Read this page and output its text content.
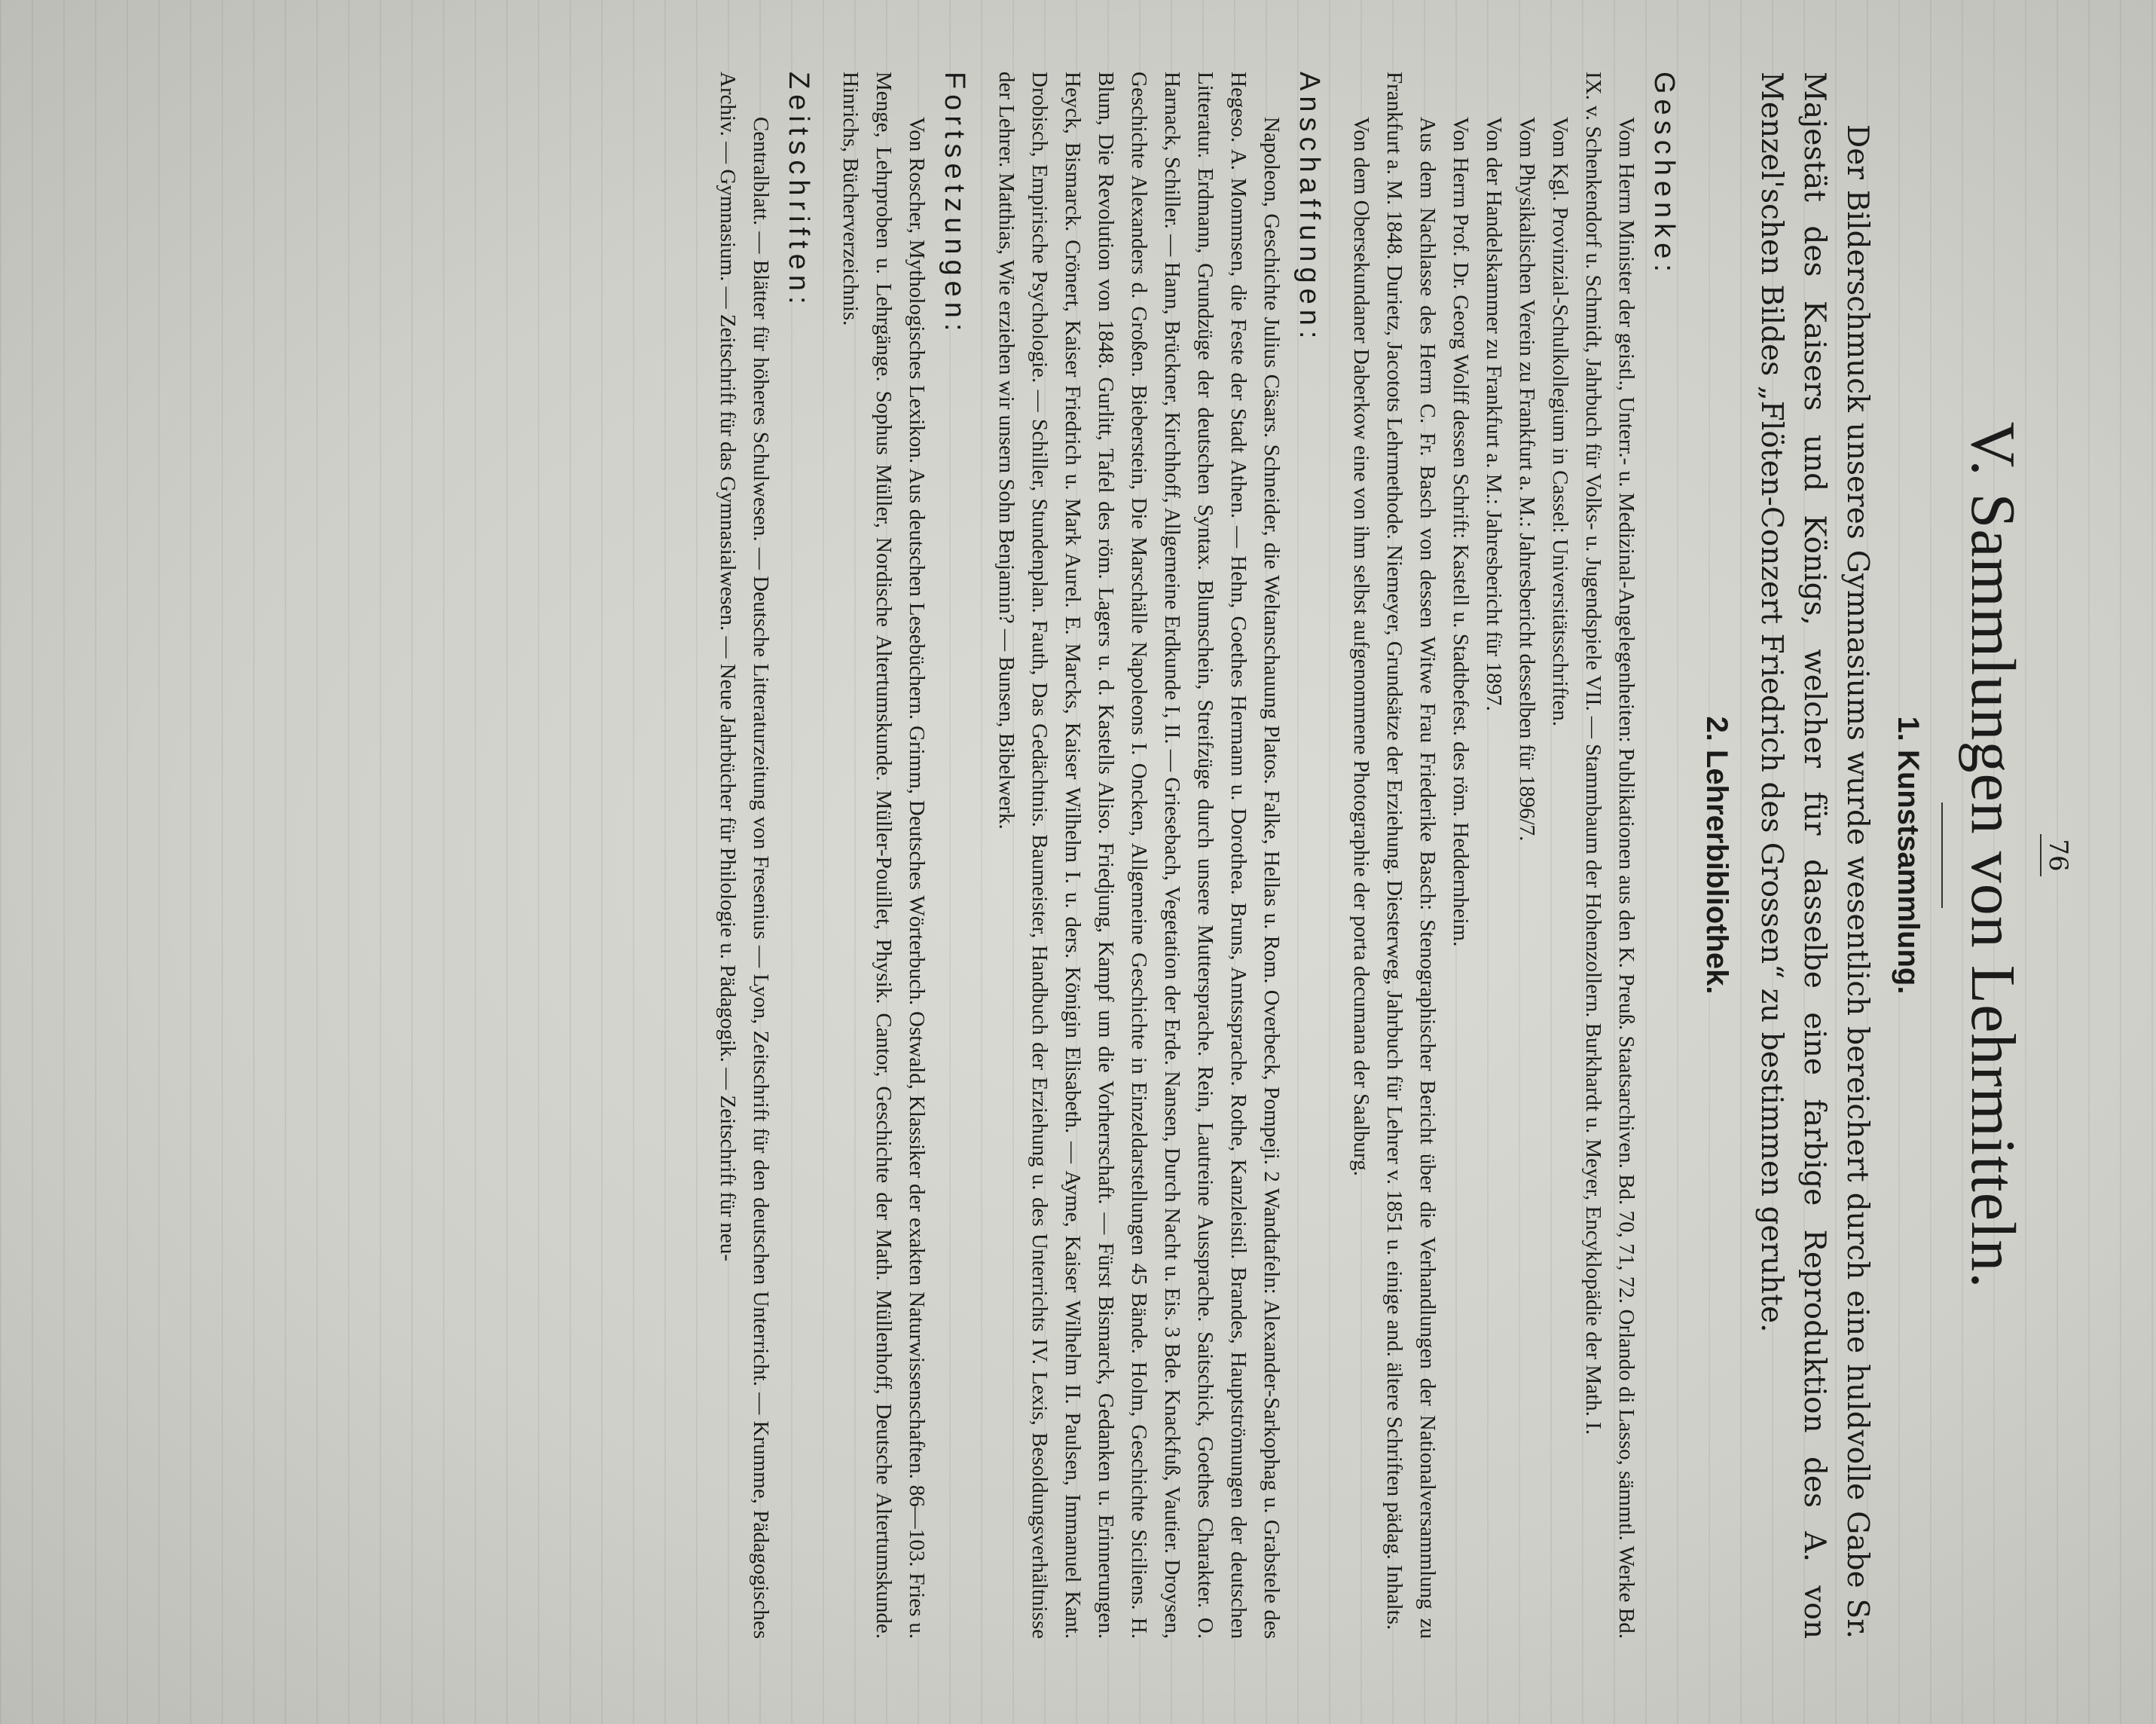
76
V. Sammlungen von Lehrmitteln.
1. Kunstsammlung.

Der Bilderschmuck unseres Gymnasiums wurde wesentlich bereichert durch eine huldvolle Gabe Sr. Majestät des Kaisers und Königs, welcher für dasselbe eine farbige Reproduktion des A. von Menzel'schen Bildes „Flöten-Conzert Friedrich des Grossen“ zu bestimmen geruhte.

2. Lehrerbibliothek.
Geschenke:

Vom Herrn Minister der geistl., Unterr.- u. Medizinal-Angelegenheiten: Publikationen aus den K. Preuß. Staatsarchiven. Bd. 70, 71, 72. Orlando di Lasso, sämmtl. Werke Bd. IX. v. Schenkendorf u. Schmidt, Jahrbuch für Volks- u. Jugendspiele VII. — Stammbaum der Hohenzollern. Burkhardt u. Meyer, Encyklopädie der Math. I.

Vom Kgl. Provinzial-Schulkollegium in Cassel: Universitätsschriften.

Vom Physikalischen Verein zu Frankfurt a. M.: Jahresbericht desselben für 1896/7.

Von der Handelskammer zu Frankfurt a. M.: Jahresbericht für 1897.

Von Herrn Prof. Dr. Georg Wolff dessen Schrift: Kastell u. Stadtbefest. des röm. Heddernheim.

Aus dem Nachlasse des Herrn C. Fr. Basch von dessen Witwe Frau Friederike Basch: Stenographischer Bericht über die Verhandlungen der Nationalversammlung zu Frankfurt a. M. 1848. Durietz, Jacotots Lehrmethode. Niemeyer, Grundsätze der Erziehung. Diesterweg, Jahrbuch für Lehrer v. 1851 u. einige and. ältere Schriften pädag. Inhalts.

Von dem Obersekundaner Daberkow eine von ihm selbst aufgenommene Photographie der porta decumana der Saalburg.

Anschaffungen:

Napoleon, Geschichte Julius Cäsars. Schneider, die Weltanschauung Platos. Falke, Hellas u. Rom. Overbeck, Pompeji. 2 Wandtafeln: Alexander-Sarkophag u. Grabstele des Hegeso. A. Mommsen, die Feste der Stadt Athen. — Hehn, Goethes Hermann u. Dorothea. Bruns, Amtssprache. Rothe, Kanzleistil. Brandes, Hauptströmungen der deutschen Litteratur. Erdmann, Grundzüge der deutschen Syntax. Blumschein, Streifzüge durch unsere Muttersprache. Rein, Lautreine Aussprache. Saitschick, Goethes Charakter. O. Harnack, Schiller. — Hann, Brückner, Kirchhoff, Allgemeine Erdkunde I, II. — Griesebach, Vegetation der Erde. Nansen, Durch Nacht u. Eis. 3 Bde. Knackfuß, Vautier. Droysen, Geschichte Alexanders d. Großen. Bieberstein, Die Marschälle Napoleons I. Oncken, Allgemeine Geschichte in Einzeldarstellungen 45 Bände. Holm, Geschichte Siciliens. H. Blum, Die Revolution von 1848. Gurlitt, Tafel des röm. Lagers u. d. Kastells Aliso. Friedjung, Kampf um die Vorherrschaft. — Fürst Bismarck, Gedanken u. Erinnerungen. Heyck, Bismarck. Crönert, Kaiser Friedrich u. Mark Aurel. E. Marcks, Kaiser Wilhelm I. u. ders. Königin Elisabeth. — Ayme, Kaiser Wilhelm II. Paulsen, Immanuel Kant. Drobisch, Empirische Psychologie. — Schiller, Stundenplan. Fauth, Das Gedächtnis. Baumeister, Handbuch der Erziehung u. des Unterrichts IV. Lexis, Besoldungsverhältnisse der Lehrer. Matthias, Wie erziehen wir unsern Sohn Benjamin? — Bunsen, Bibelwerk.

Fortsetzungen:

Von Roscher, Mythologisches Lexikon. Aus deutschen Lesebüchern. Grimm, Deutsches Wörterbuch. Ostwald, Klassiker der exakten Naturwissenschaften. 86—103. Fries u. Menge, Lehrproben u. Lehrgänge. Sophus Müller, Nordische Altertumskunde. Müller-Pouillet, Physik. Cantor, Geschichte der Math. Müllenhoff, Deutsche Altertumskunde. Hinrichs, Bücherverzeichnis.

Zeitschriften:

Centralblatt. — Blätter für höheres Schulwesen. — Deutsche Litteraturzeitung von Fresenius — Lyon, Zeitschrift für den deutschen Unterricht. — Krumme, Pädagogisches Archiv. — Gymnasium. — Zeitschrift für das Gymnasialwesen. — Neue Jahrbücher für Philologie u. Pädagogik. — Zeitschrift für neu-
